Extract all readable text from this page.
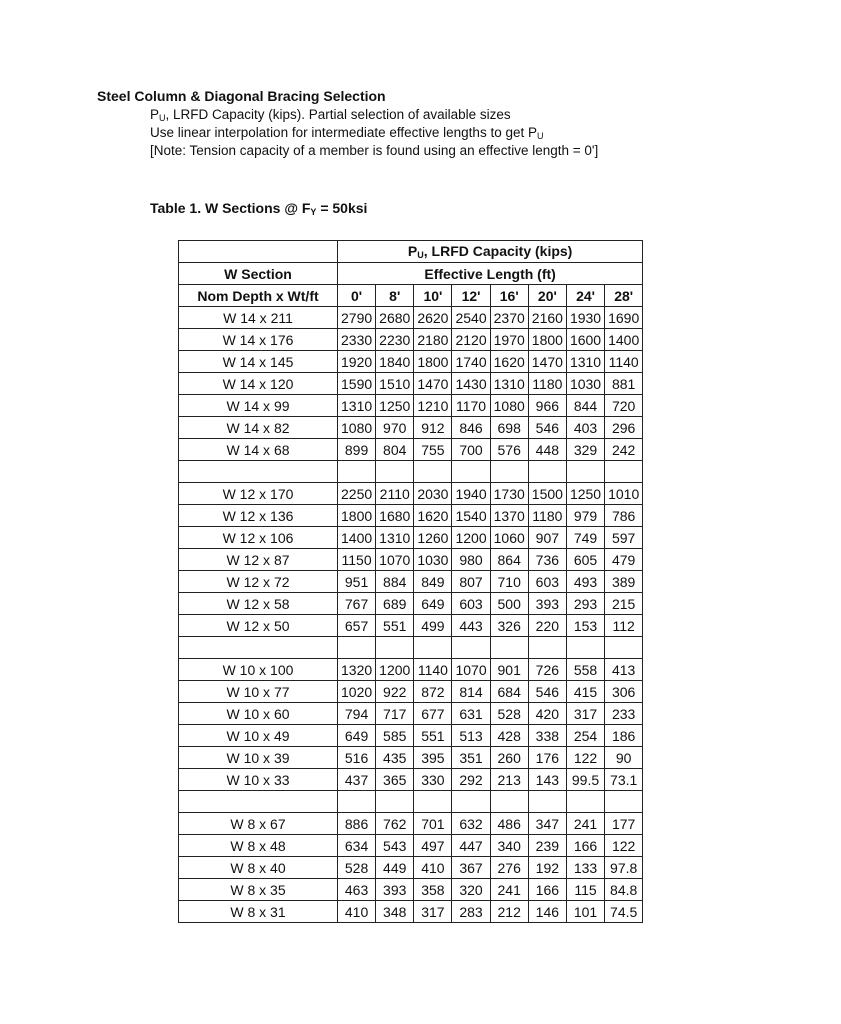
Steel Column & Diagonal Bracing Selection
$P_U$, LRFD Capacity (kips). Partial selection of available sizes
Use linear interpolation for intermediate effective lengths to get $P_U$
[Note: Tension capacity of a member is found using an effective length = 0']
Table 1. W Sections @ $F_Y = 50ksi$
	$P_U$, LRFD Capacity (kips)							
W Section	Effective Length (ft)							
Nom Depth x Wt/ft	0'	8'	10'	12'	16'	20'	24'	28'
W 14 x 211	2790	2680	2620	2540	2370	2160	1930	1690
W 14 x 176	2330	2230	2180	2120	1970	1800	1600	1400
W 14 x 145	1920	1840	1800	1740	1620	1470	1310	1140
W 14 x 120	1590	1510	1470	1430	1310	1180	1030	881
W 14 x 99	1310	1250	1210	1170	1080	966	844	720
W 14 x 82	1080	970	912	846	698	546	403	296
W 14 x 68	899	804	755	700	576	448	329	242

W 12 x 170	2250	2110	2030	1940	1730	1500	1250	1010
W 12 x 136	1800	1680	1620	1540	1370	1180	979	786
W 12 x 106	1400	1310	1260	1200	1060	907	749	597
W 12 x 87	1150	1070	1030	980	864	736	605	479
W 12 x 72	951	884	849	807	710	603	493	389
W 12 x 58	767	689	649	603	500	393	293	215
W 12 x 50	657	551	499	443	326	220	153	112

W 10 x 100	1320	1200	1140	1070	901	726	558	413
W 10 x 77	1020	922	872	814	684	546	415	306
W 10 x 60	794	717	677	631	528	420	317	233
W 10 x 49	649	585	551	513	428	338	254	186
W 10 x 39	516	435	395	351	260	176	122	90
W 10 x 33	437	365	330	292	213	143	99.5	73.1

W 8 x 67	886	762	701	632	486	347	241	177
W 8 x 48	634	543	497	447	340	239	166	122
W 8 x 40	528	449	410	367	276	192	133	97.8
W 8 x 35	463	393	358	320	241	166	115	84.8
W 8 x 31	410	348	317	283	212	146	101	74.5
